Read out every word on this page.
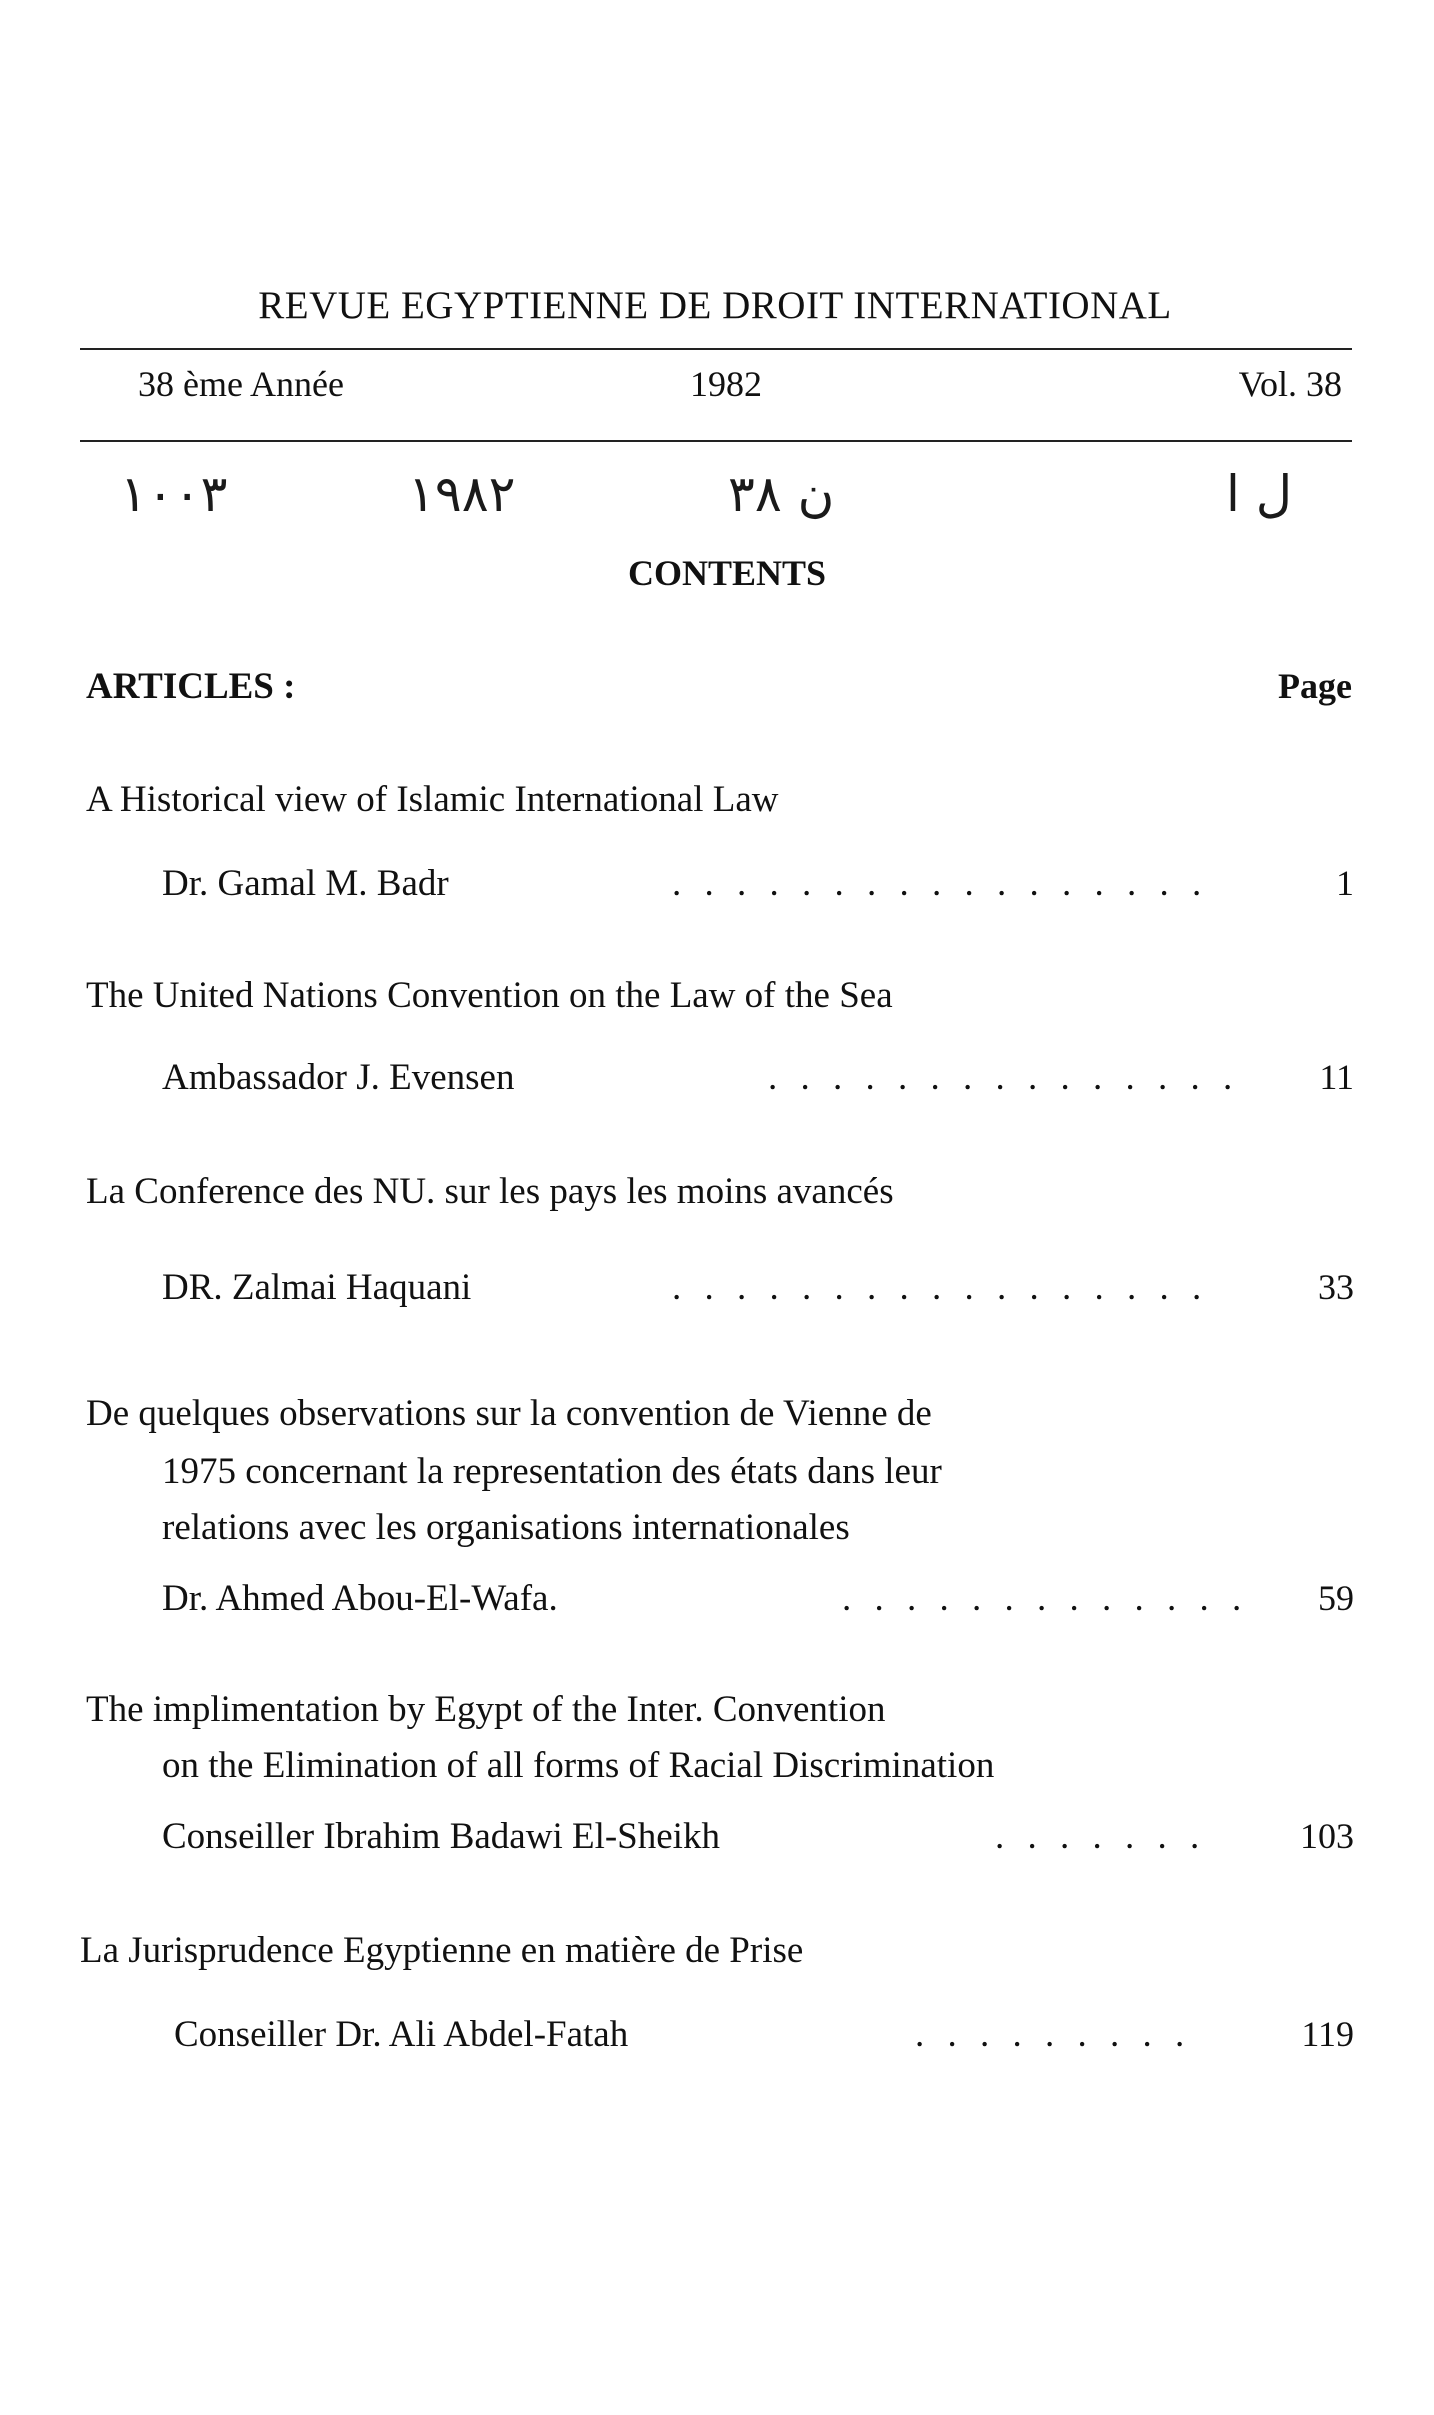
REVUE EGYPTIENNE DE DROIT INTERNATIONAL
38 ème Année	1982	Vol. 38
١٠٠٣	١٩٨٢	ن ٣٨	ل ا
CONTENTS
ARTICLES :	Page
A Historical view of Islamic International Law
Dr. Gamal M. Badr	. . . . . . . . . . . . . . . . .	1
The United Nations Convention on the Law of the Sea
Ambassador J. Evensen	. . . . . . . . . . . . . . . 11
La Conference des NU. sur les pays les moins avancés
DR. Zalmai Haquani	. . . . . . . . . . . . . . . . .	33
De quelques observations sur la convention de Vienne de
1975 concernant la representation des états dans leur
relations avec les organisations internationales
Dr. Ahmed Abou-El-Wafa.	. . . . . . . . . . . . . 59
The implimentation by Egypt of the Inter. Convention
on the Elimination of all forms of Racial Discrimination
Conseiller Ibrahim Badawi El-Sheikh	. . . . . . .	103
La Jurisprudence Egyptienne en matière de Prise
Conseiller Dr. Ali Abdel-Fatah	. . . . . . . . .	119
